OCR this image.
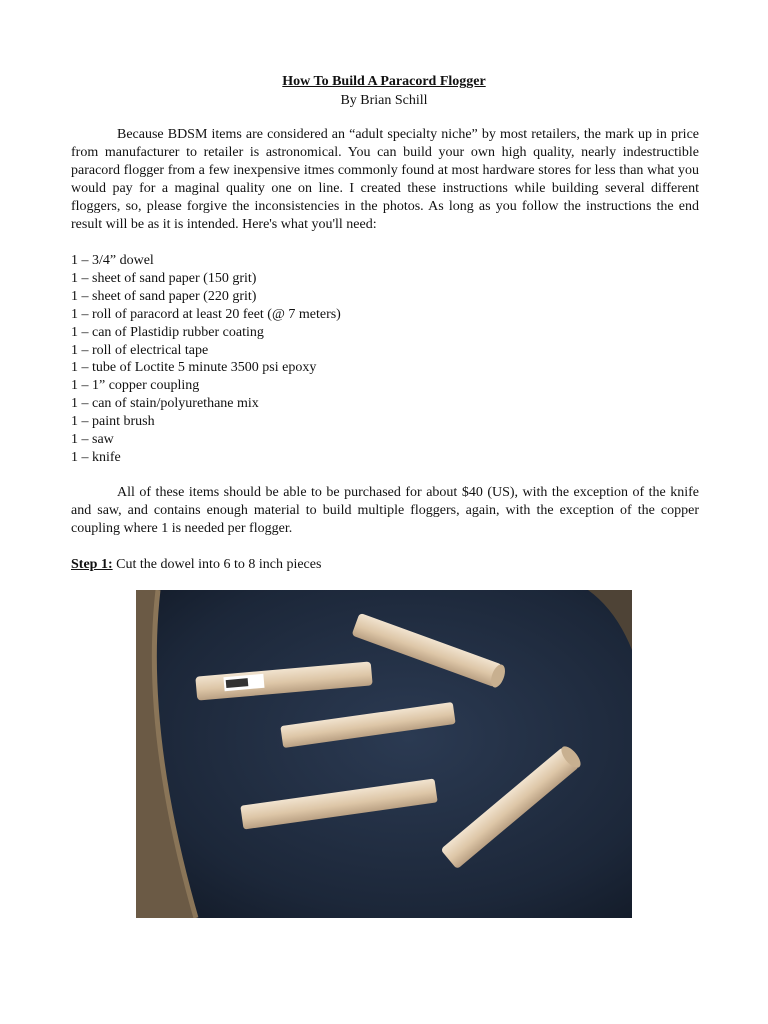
How To Build A Paracord Flogger
By Brian Schill

Because BDSM items are considered an “adult specialty niche” by most retailers, the mark up in price from manufacturer to retailer is astronomical. You can build your own high quality, nearly indestructible paracord flogger from a few inexpensive itmes commonly found at most hardware stores for less than what you would pay for a maginal quality one on line. I created these instructions while building several different floggers, so, please forgive the inconsistencies in the photos. As long as you follow the instructions the end result will be as it is intended. Here's what you'll need:

1 – 3/4” dowel
1 – sheet of sand paper (150 grit)
1 – sheet of sand paper (220 grit)
1 – roll of paracord at least 20 feet (@ 7 meters)
1 – can of Plastidip rubber coating
1 – roll of electrical tape
1 – tube of Loctite 5 minute 3500 psi epoxy
1 – 1” copper coupling
1 – can of stain/polyurethane mix
1 – paint brush
1 – saw
1 – knife

All of these items should be able to be purchased for about $40 (US), with the exception of the knife and saw, and contains enough material to build multiple floggers, again, with the exception of the copper coupling where 1 is needed per flogger.

Step 1: Cut the dowel into 6 to 8 inch pieces
